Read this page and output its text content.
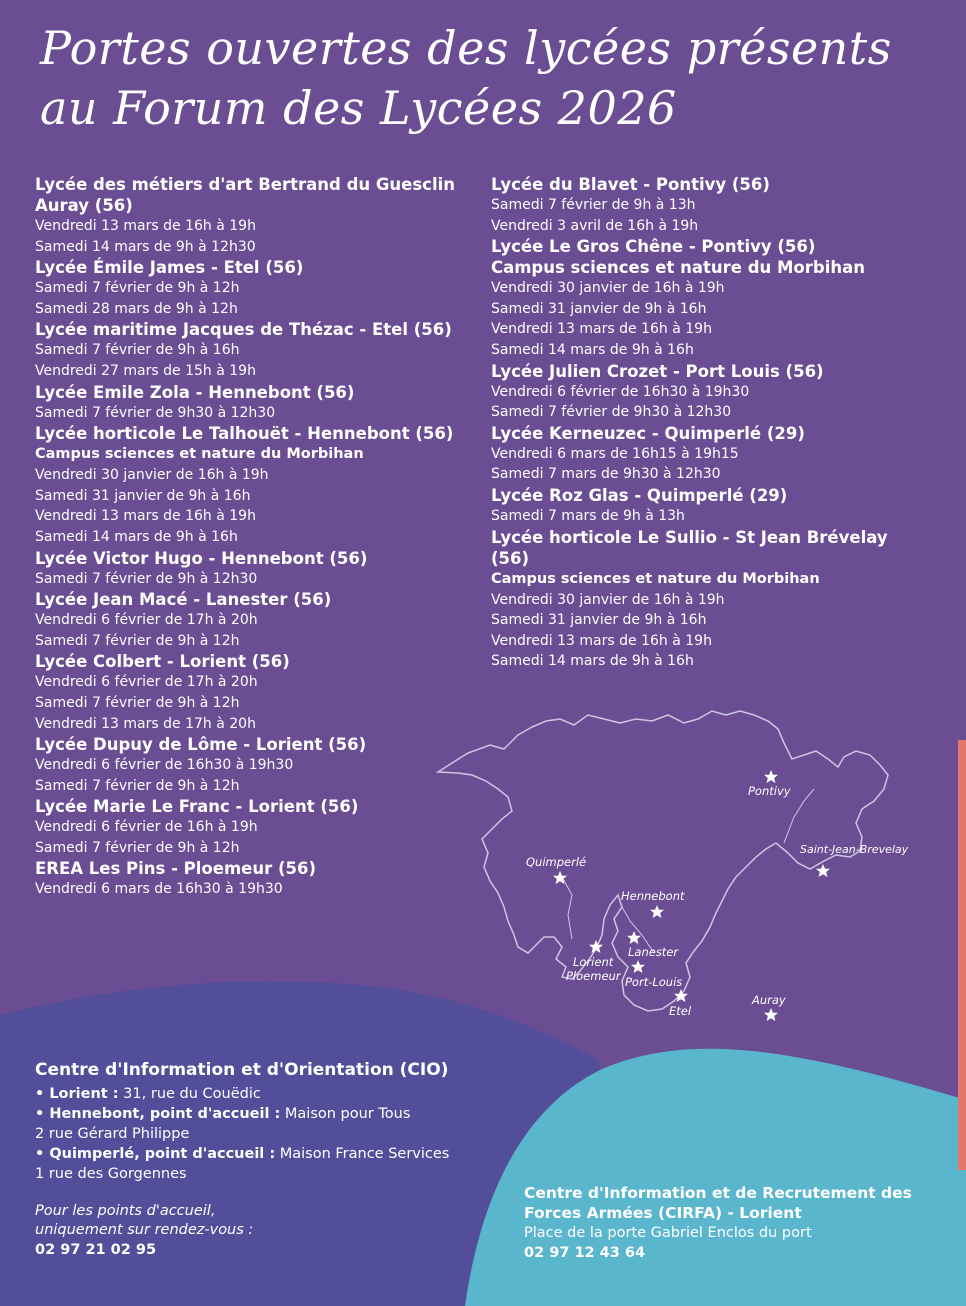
Portes ouvertes des lycées présents
au Forum des Lycées 2026
Lycée des métiers d'art Bertrand du Guesclin
Auray (56)
Vendredi 13 mars de 16h à 19h
Samedi 14 mars de 9h à 12h30
Lycée Émile James - Etel (56)
Samedi 7 février de 9h à 12h
Samedi 28 mars de 9h à 12h
Lycée maritime Jacques de Thézac - Etel (56)
Samedi 7 février de 9h à 16h
Vendredi 27 mars de 15h à 19h
Lycée Emile Zola - Hennebont (56)
Samedi 7 février de 9h30 à 12h30
Lycée horticole Le Talhouët - Hennebont (56)
Campus sciences et nature du Morbihan
Vendredi 30 janvier de 16h à 19h
Samedi 31 janvier de 9h à 16h
Vendredi 13 mars de 16h à 19h
Samedi 14 mars de 9h à 16h
Lycée Victor Hugo - Hennebont (56)
Samedi 7 février de 9h à 12h30
Lycée Jean Macé - Lanester (56)
Vendredi 6 février de 17h à 20h
Samedi 7 février de 9h à 12h
Lycée Colbert - Lorient (56)
Vendredi 6 février de 17h à 20h
Samedi 7 février de 9h à 12h
Vendredi 13 mars de 17h à 20h
Lycée Dupuy de Lôme - Lorient (56)
Vendredi 6 février de 16h30 à 19h30
Samedi 7 février de 9h à 12h
Lycée Marie Le Franc - Lorient (56)
Vendredi 6 février de 16h à 19h
Samedi 7 février de 9h à 12h
EREA Les Pins - Ploemeur (56)
Vendredi 6 mars de 16h30 à 19h30
Lycée du Blavet - Pontivy (56)
Samedi 7 février de 9h à 13h
Vendredi 3 avril de 16h à 19h
Lycée Le Gros Chêne - Pontivy (56)
Campus sciences et nature du Morbihan
Vendredi 30 janvier de 16h à 19h
Samedi 31 janvier de 9h à 16h
Vendredi 13 mars de 16h à 19h
Samedi 14 mars de 9h à 16h
Lycée Julien Crozet - Port Louis (56)
Vendredi 6 février de 16h30 à 19h30
Samedi 7 février de 9h30 à 12h30
Lycée Kerneuzec - Quimperlé (29)
Vendredi 6 mars de 16h15 à 19h15
Samedi 7 mars de 9h30 à 12h30
Lycée Roz Glas - Quimperlé (29)
Samedi 7 mars de 9h à 13h
Lycée horticole Le Sullio - St Jean Brévelay (56)
Campus sciences et nature du Morbihan
Vendredi 30 janvier de 16h à 19h
Samedi 31 janvier de 9h à 16h
Vendredi 13 mars de 16h à 19h
Samedi 14 mars de 9h à 16h
Pontivy
Saint-Jean-Brevelay
Quimperlé
Hennebont
Lanester
Lorient
Ploemeur Port-Louis
Etel
Auray
Centre d'Information et d'Orientation (CIO)
• Lorient : 31, rue du Couëdic
• Hennebont, point d'accueil : Maison pour Tous
2 rue Gérard Philippe
• Quimperlé, point d'accueil : Maison France Services
1 rue des Gorgennes
Pour les points d'accueil,
uniquement sur rendez-vous :
02 97 21 02 95
Centre d'Information et de Recrutement des
Forces Armées (CIRFA) - Lorient
Place de la porte Gabriel Enclos du port
02 97 12 43 64
